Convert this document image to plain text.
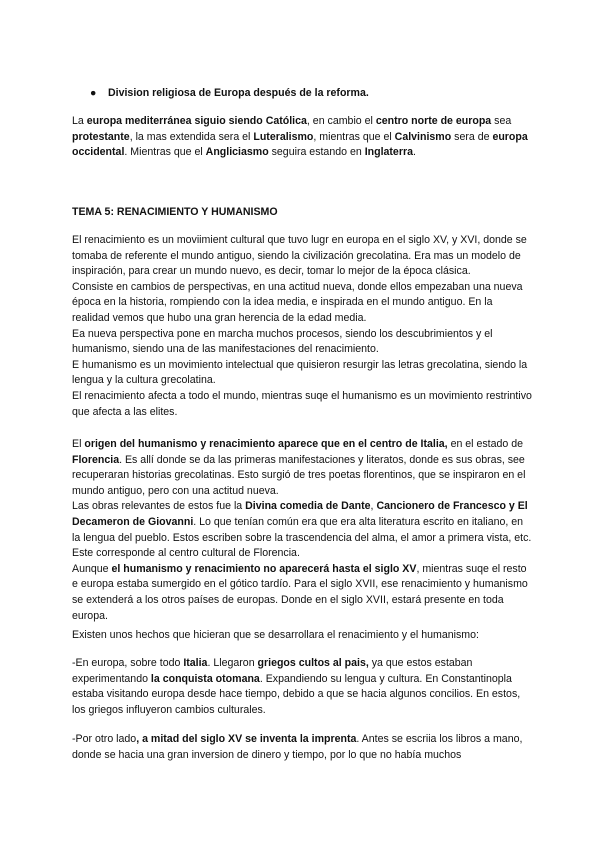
● Division religiosa de Europa después de la reforma.
La europa mediterránea siguio siendo Católica, en cambio el centro norte de europa sea protestante, la mas extendida sera el Luteralismo, mientras que el Calvinismo sera de europa occidental. Mientras que el Angliciasmo seguira estando en Inglaterra.
TEMA 5: RENACIMIENTO Y HUMANISMO

El renacimiento es un moviimient cultural que tuvo lugr en europa en el siglo XV, y XVI, donde se tomaba de referente el mundo antiguo, siendo la civilización grecolatina. Era mas un modelo de inspiración, para crear un mundo nuevo, es decir, tomar lo mejor de la época clásica.

Consiste en cambios de perspectivas, en una actitud nueva, donde ellos empezaban una nueva época en la historia, rompiendo con la idea media, e inspirada en el mundo antiguo. En la realidad vemos que hubo una gran herencia de la edad media.

Ea nueva perspectiva pone en marcha muchos procesos, siendo los descubrimientos y el humanismo, siendo una de las manifestaciones del renacimiento.

E humanismo es un movimiento intelectual que quisieron resurgir las letras grecolatina, siendo la lengua y la cultura grecolatina.

El renacimiento afecta a todo el mundo, mientras suqe el humanismo es un movimiento restrintivo que afecta a las elites.

El origen del humanismo y renacimiento aparece que en el centro de Italia, en el estado de Florencia. Es allí donde se da las primeras manifestaciones y literatos, donde es sus obras, see recuperaran historias grecolatinas. Esto surgió de tres poetas florentinos, que se inspiraron en el mundo antiguo, pero con una actitud nueva.

Las obras relevantes de estos fue la Divina comedia de Dante, Cancionero de Francesco y El Decameron de Giovanni. Lo que tenían común era que era alta literatura escrito en italiano, en la lengua del pueblo. Estos escriben sobre la trascendencia del alma, el amor a primera vista, etc. Este corresponde al centro cultural de Florencia.

Aunque el humanismo y renacimiento no aparecerá hasta el siglo XV, mientras suqe el resto e europa estaba sumergido en el gótico tardío. Para el siglo XVII, ese renacimiento y humanismo se extenderá a los otros países de europas. Donde en el siglo XVII, estará presente en toda europa.

Existen unos hechos que hicieran que se desarrollara el renacimiento y el humanismo:
-En europa, sobre todo Italia. Llegaron griegos cultos al pais, ya que estos estaban experimentando la conquista otomana. Expandiendo su lengua y cultura. En Constantinopla estaba visitando europa desde hace tiempo, debido a que se hacia algunos concilios. En estos, los griegos influyeron cambios culturales.
-Por otro lado, a mitad del siglo XV se inventa la imprenta. Antes se escriia los libros a mano, donde se hacia una gran inversion de dinero y tiempo, por lo que no había muchos
